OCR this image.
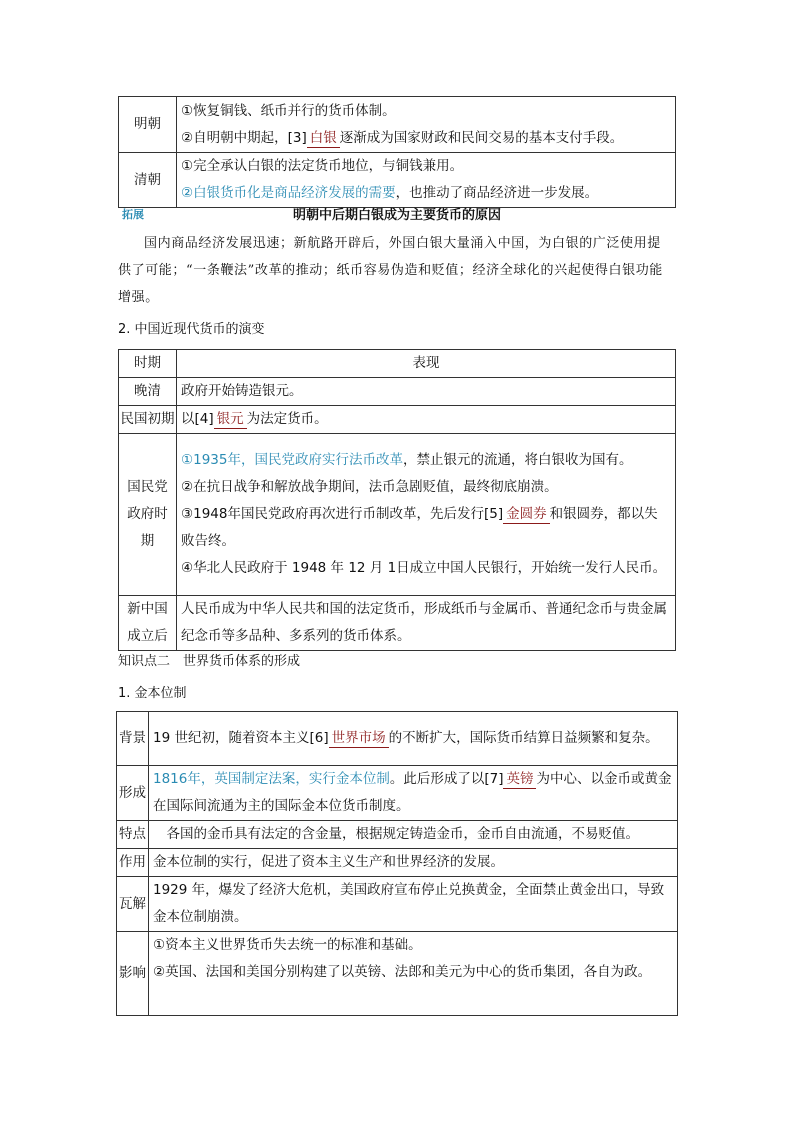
明朝	①恢复铜钱、纸币并行的货币体制。
②自明朝中期起，[3] 白银 逐渐成为国家财政和民间交易的基本支付手段。

清朝	①完全承认白银的法定货币地位，与铜钱兼用。
②白银货币化是商品经济发展的需要，也推动了商品经济进一步发展。
拓展	明朝中后期白银成为主要货币的原因
国内商品经济发展迅速；新航路开辟后，外国白银大量涌入中国，为白银的广泛使用提供了可能；“一条鞭法”改革的推动；纸币容易伪造和贬值；经济全球化的兴起使得白银功能增强。
2. 中国近现代货币的演变
时期	表现
晚清	政府开始铸造银元。
民国初期	以[4] 银元 为法定货币。
国民党政府时期	①1935年，国民党政府实行法币改革，禁止银元的流通，将白银收为国有。
②在抗日战争和解放战争期间，法币急剧贬值，最终彻底崩溃。
③1948年国民党政府再次进行币制改革，先后发行[5] 金圆券 和银圆券，都以失败告终。
④华北人民政府于 1948 年 12 月 1日成立中国人民银行，开始统一发行人民币。

新中国成立后	人民币成为中华人民共和国的法定货币，形成纸币与金属币、普通纪念币与贵金属纪念币等多品种、多系列的货币体系。
知识点二　世界货币体系的形成
1. 金本位制
背景	19 世纪初，随着资本主义[6] 世界市场 的不断扩大，国际货币结算日益频繁和复杂。
形成	1816年，英国制定法案，实行金本位制。此后形成了以[7] 英镑 为中心、以金币或黄金在国际间流通为主的国际金本位货币制度。
特点	各国的金币具有法定的含金量，根据规定铸造金币，金币自由流通，不易贬值。
作用	金本位制的实行，促进了资本主义生产和世界经济的发展。
瓦解	1929 年，爆发了经济大危机，美国政府宣布停止兑换黄金，全面禁止黄金出口，导致金本位制崩溃。
影响	①资本主义世界货币失去统一的标准和基础。
②英国、法国和美国分别构建了以英镑、法郎和美元为中心的货币集团，各自为政。
